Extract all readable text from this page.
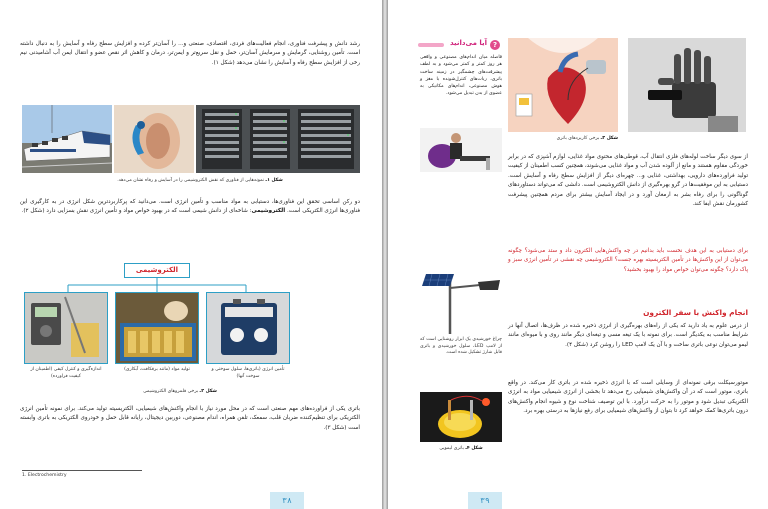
رشد دانش و پیشرفت فناوری، انجام فعالیت‌های فردی، اقتصادی، صنعتی و... را آسان‌تر کرده و افزایش سطح رفاه و آسایش را به دنبال داشته است. تأمین روشنایی، گرمایش و سرمایش آسان‌تر، حمل و نقل سریع‌تر و ایمن‌تر، درمان و کاهش اثر نقص عضو و انتقال ایمن آب آشامیدنی نیم رخی از افزایش سطح رفاه و آسایش را نشان می‌دهد (شکل ۱).

شکل ۱ـ نمونه‌هایی از فناوری که نقش الکتروشیمی را در آسایش و رفاه نشان می‌دهد.

دو رکن اساسی تحقق این فناوری‌ها، دستیابی به مواد مناسب و تأمین انرژی است. می‌دانید که پرکاربردترین شکل انرژی در به کارگیری این فناوری‌ها انرژی الکتریکی است. الکتروشیمی: شاخه‌ای از دانش شیمی است که در بهبود خواص مواد و تأمین انرژی نقش بسزایی دارد (شکل ۲).

الکتروشیمی

اندازه‌گیری و کنترل کیفی (اطمینان از کیفیت فراورده)

تولید مواد (مانند برقکافت، آبکاری)	تأمین انرژی (باتری‌ها، سلول سوختی و سوخت آنها)

شکل ۲ـ برخی قلمروهای الکتروشیمی

باتری یکی از فراورده‌های مهم صنعتی است که در محل مورد نیاز با انجام واکنش‌های شیمیایی، الکتریسیته تولید می‌کند. برای نمونه تأمین انرژی الکتریکی برای تنظیم‌کننده ضربان قلب، سمعک، تلفن همراه، اندام مصنوعی، دوربین دیجیتال، رایانه قابل حمل و خودروی الکتریکی به باتری وابسته است (شکل ۳).

1. Electrochemistry

۳۸
?
آیا می‌دانید

فاصله میان اندام‌های مصنوعی و واقعی هر روز کمتر و کمتر می‌شود و به لطف پیشرفت‌های چشمگیر در زمینه ساخت باتری، ربات‌های کنترل‌شونده با مغز و هوش مصنوعی، اندام‌های مکانیکی به عضوی از بدن تبدیل می‌شود.

شکل ۳ـ برخی کاربردهای باتری

از سوی دیگر ساخت لوله‌های فلزی انتقال آب، قوطی‌های محتوی مواد غذایی، لوازم آشپزی که در برابر خوردگی مقاوم هستند و مانع از آلوده شدن آب و مواد غذایی می‌شوند، همچنین کسب اطمینان از کیفیت تولید فراورده‌های دارویی، بهداشتی، غذایی و... چهره‌ای دیگر از افزایش سطح رفاه و آسایش است. دستیابی به این موفقیت‌ها در گرو بهره‌گیری از دانش الکتروشیمی است. دانشی که می‌تواند دستاوردهای گوناگونی را برای رفاه بشر به ارمغان آورد و در ایجاد آسایش بیشتر برای مردم همچنین پیشرفت کشورمان نقش ایفا کند.

برای دستیابی به این هدف نخست باید بدانیم در چه واکنش‌هایی الکترون داد و ستد می‌شود؟ چگونه می‌توان از این واکنش‌ها در تأمین الکتریسیته بهره جست؟ الکتروشیمی چه نقشی در تأمین انرژی سبز و پاک دارد؟ چگونه می‌توان خواص مواد را بهبود بخشید؟

چراغ خورشیدی یک ابزار روشنایی است که از لامپ LED، سلول خورشیدی و باتری قابل شارژ تشکیل شده است.

انجام واکنش با سفر الکترون

از درس علوم به یاد دارید که یکی از راه‌های بهره‌گیری از انرژی ذخیره شده در ظرف‌ها، اتصال آنها در شرایط مناسب به یکدیگر است. برای نمونه با یک تیغه مسی و تیغه‌ای دیگر مانند روی و با میوه‌ای مانند لیمو می‌توان نوعی باتری ساخت و با آن یک لامپ LED را روشن کرد (شکل ۴).

موتورسیکلت برقی نمونه‌ای از وسایلی است که با انرژی ذخیره شده در باتری کار می‌کند. در واقع باتری، موتور است که در آن واکنش‌های شیمیایی رخ می‌دهد تا بخشی از انرژی شیمیایی مواد به انرژی الکتریکی تبدیل شود و موتور را به حرکت درآورد. با این توصیف شناخت نوع و شیوه انجام واکنش‌های درون باتری‌ها کمک خواهد کرد تا بتوان از واکنش‌های شیمیایی برای رفع نیازها به درستی بهره برد.

شکل ۴ـ باتری لیمویی

۳۹
